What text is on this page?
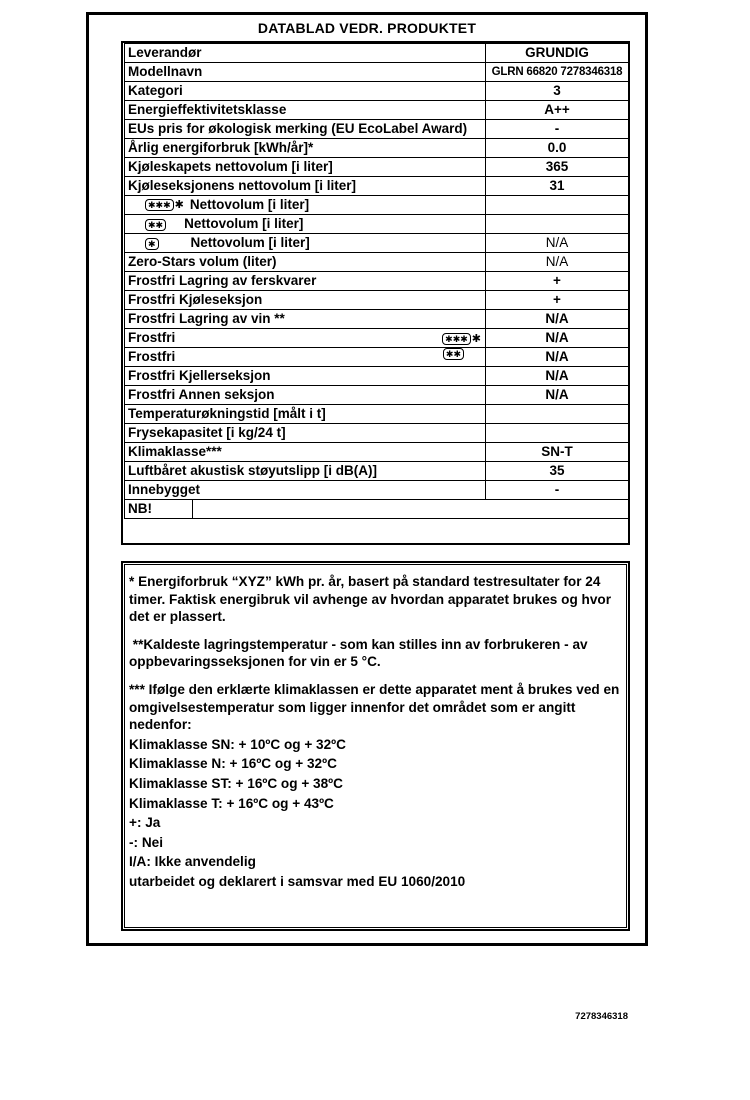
DATABLAD VEDR. PRODUKTET
Leverandør		GRUNDIG
Modellnavn		GLRN 66820 7278346318
Kategori		3
Energieffektivitetsklasse		A++
EUs pris for økologisk merking (EU EcoLabel Award)		-
Årlig energiforbruk [kWh/år]*		0.0
Kjøleskapets nettovolum [i liter]		365
Kjøleseksjonens nettovolum [i liter]		31
✱✱✱ ✱ Nettovolum [i liter]		
✱✱ Nettovolum [i liter]		
✱ Nettovolum [i liter]		N/A
Zero-Stars volum (liter)		N/A
Frostfri Lagring av ferskvarer		+
Frostfri Kjøleseksjon		+
Frostfri Lagring av vin **		N/A
Frostfri ✱✱✱ ✱		N/A
Frostfri ✱✱		N/A
Frostfri Kjellerseksjon		N/A
Frostfri Annen seksjon		N/A
Temperaturøkningstid [målt i t]		
Frysekapasitet [i kg/24 t]		
Klimaklasse***		SN-T
Luftbåret akustisk støyutslipp [i dB(A)]		35
Innebygget		-
NB!		

* Energiforbruk “XYZ” kWh pr. år, basert på standard testresultater for 24 timer. Faktisk energibruk vil avhenge av hvordan apparatet brukes og hvor det er plassert.

**Kaldeste lagringstemperatur - som kan stilles inn av forbrukeren - av oppbevaringsseksjonen for vin er 5 °C.

*** Ifølge den erklærte klimaklassen er dette apparatet ment å brukes ved en omgivelsestemperatur som ligger innenfor det området som er angitt nedenfor:

Klimaklasse SN: + 10ºC og + 32ºC
Klimaklasse N: + 16ºC og + 32ºC
Klimaklasse ST: + 16ºC og + 38ºC
Klimaklasse T: + 16ºC og + 43ºC
+: Ja
-: Nei
I/A: Ikke anvendelig
utarbeidet og deklarert i samsvar med EU 1060/2010
7278346318
